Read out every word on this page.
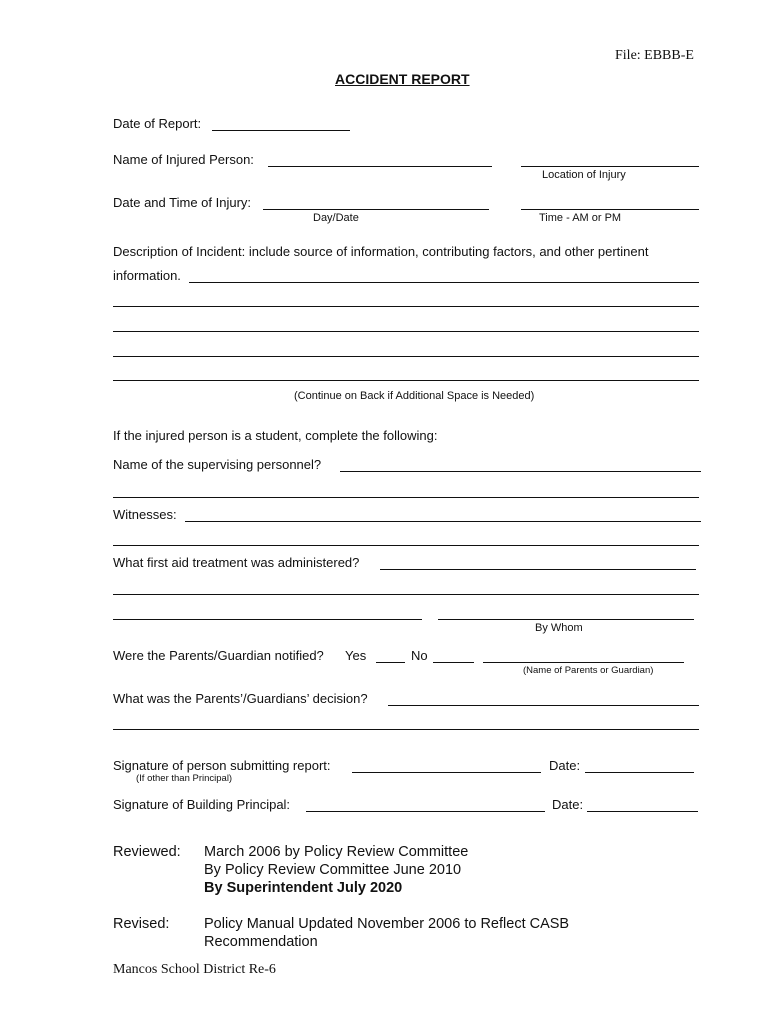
File: EBBB-E
ACCIDENT REPORT
Date of Report:
Name of Injured Person:
Location of Injury
Date and Time of Injury:
Day/Date	Time - AM or PM
Description of Incident: include source of information, contributing factors, and other pertinent
information.
(Continue on Back if Additional Space is Needed)
If the injured person is a student, complete the following:
Name of the supervising personnel?
Witnesses:
What first aid treatment was administered?
By Whom
Were the Parents/Guardian notified? Yes	No
(Name of Parents or Guardian)
What was the Parents’/Guardians’ decision?
Signature of person submitting report:	Date:
(If other than Principal)
Signature of Building Principal:	Date:
Reviewed: March 2006 by Policy Review Committee
By Policy Review Committee June 2010
By Superintendent July 2020
Revised: Policy Manual Updated November 2006 to Reflect CASB
Recommendation
Mancos School District Re-6
